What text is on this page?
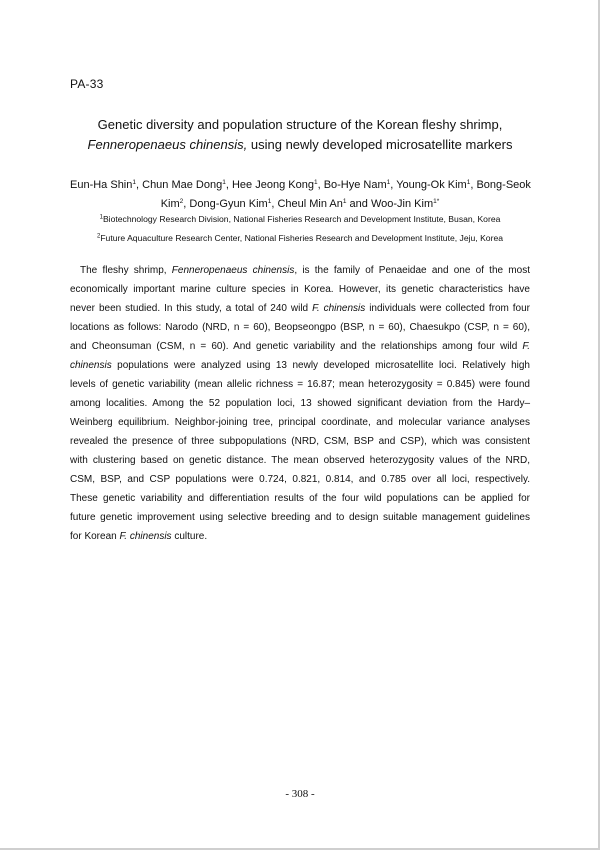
PA-33
Genetic diversity and population structure of the Korean fleshy shrimp,
Fenneropenaeus chinensis, using newly developed microsatellite markers
Eun-Ha Shin$^1$, Chun Mae Dong$^1$, Hee Jeong Kong$^1$, Bo-Hye Nam$^1$, Young-Ok Kim$^1$, Bong-Seok
Kim$^2$, Dong-Gyun Kim$^1$, Cheul Min An$^1$ and Woo-Jin Kim$^{1*}$
$^1$Biotechnology Research Division, National Fisheries Research and Development Institute, Busan, Korea
$^2$Future Aquaculture Research Center, National Fisheries Research and Development Institute, Jeju, Korea
The fleshy shrimp, Fenneropenaeus chinensis, is the family of Penaeidae and one of the most
economically important marine culture species in Korea. However, its genetic characteristics have
never been studied. In this study, a total of 240 wild F. chinensis individuals were collected from four
locations as follows: Narodo (NRD, n = 60), Beopseongpo (BSP, n = 60), Chaesukpo (CSP, n = 60),
and Cheonsuman (CSM, n = 60). And genetic variability and the relationships among four wild F.
chinensis populations were analyzed using 13 newly developed microsatellite loci. Relatively high
levels of genetic variability (mean allelic richness = 16.87; mean heterozygosity = 0.845) were found
among localities. Among the 52 population loci, 13 showed significant deviation from the Hardy–
Weinberg equilibrium. Neighbor-joining tree, principal coordinate, and molecular variance analyses
revealed the presence of three subpopulations (NRD, CSM, BSP and CSP), which was consistent
with clustering based on genetic distance. The mean observed heterozygosity values of the NRD,
CSM, BSP, and CSP populations were 0.724, 0.821, 0.814, and 0.785 over all loci, respectively.
These genetic variability and differentiation results of the four wild populations can be applied for
future genetic improvement using selective breeding and to design suitable management guidelines
for Korean F. chinensis culture.
- 308 -
